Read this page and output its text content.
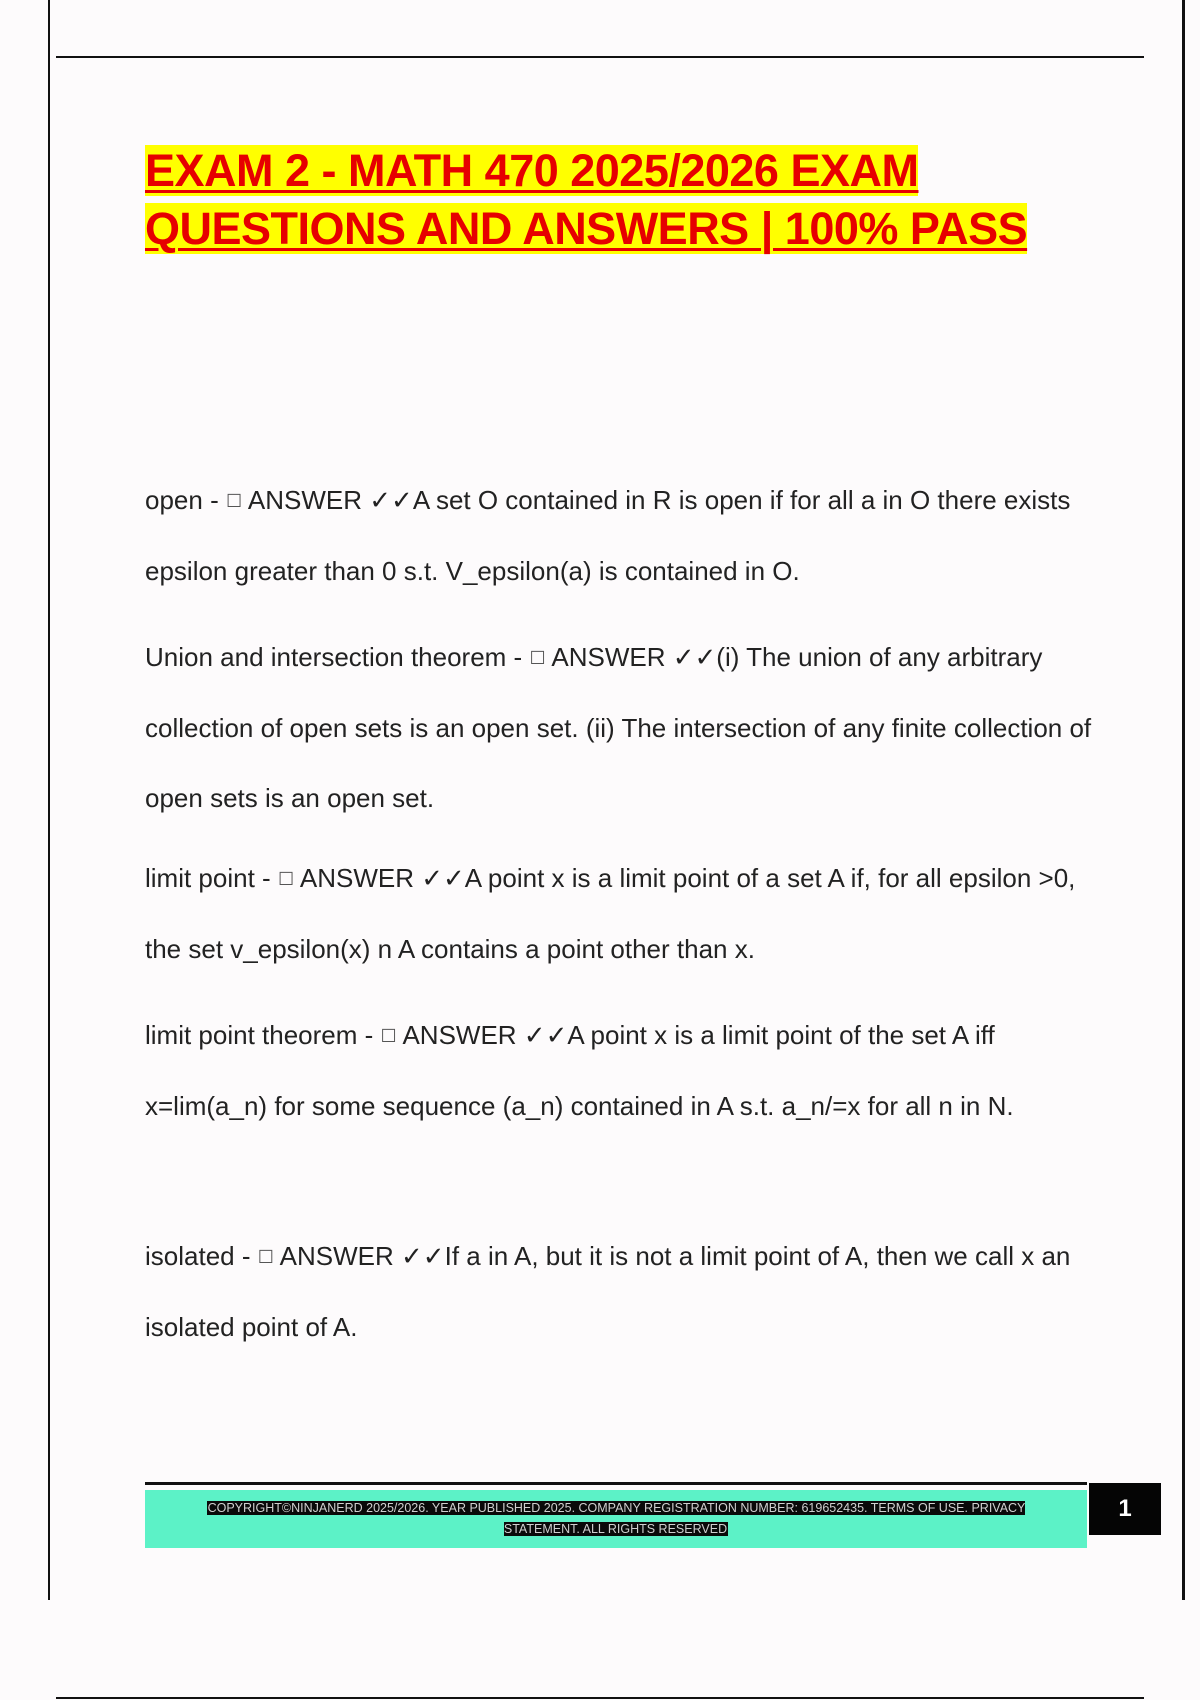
EXAM 2 - MATH 470 2025/2026 EXAM QUESTIONS AND ANSWERS | 100% PASS

open - ☐ ANSWER ✓✓A set O contained in R is open if for all a in O there exists epsilon greater than 0 s.t. V_epsilon(a) is contained in O.

Union and intersection theorem - ☐ ANSWER ✓✓(i) The union of any arbitrary collection of open sets is an open set. (ii) The intersection of any finite collection of open sets is an open set.

limit point - ☐ ANSWER ✓✓A point x is a limit point of a set A if, for all epsilon >0, the set v_epsilon(x) n A contains a point other than x.

limit point theorem - ☐ ANSWER ✓✓A point x is a limit point of the set A iff x=lim(a_n) for some sequence (a_n) contained in A s.t. a_n/=x for all n in N.

isolated - ☐ ANSWER ✓✓If a in A, but it is not a limit point of A, then we call x an isolated point of A.

COPYRIGHT©NINJANERD 2025/2026. YEAR PUBLISHED 2025. COMPANY REGISTRATION NUMBER: 619652435. TERMS OF USE. PRIVACY STATEMENT. ALL RIGHTS RESERVED
1
